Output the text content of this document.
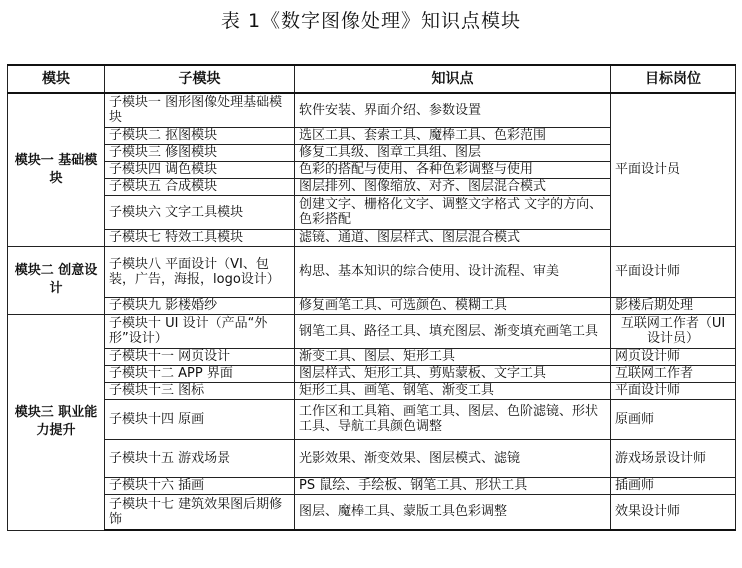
表 1《数字图像处理》知识点模块
模块	子模块	知识点	目标岗位
模块一 基础模块	子模块一 图形图像处理基础模块	软件安装、界面介绍、参数设置	平面设计员
	子模块二 抠图模块	选区工具、套索工具、魔棒工具、色彩范围	
	子模块三 修图模块	修复工具级、图章工具组、图层	
	子模块四 调色模块	色彩的搭配与使用、各种色彩调整与使用	
	子模块五 合成模块	图层排列、图像缩放、对齐、图层混合模式	
	子模块六 文字工具模块	创建文字、栅格化文字、调整文字格式 文字的方向、色彩搭配	
	子模块七 特效工具模块	滤镜、通道、图层样式、图层混合模式	
模块二 创意设计	子模块八 平面设计（VI、包装，广告，海报，logo设计）	构思、基本知识的综合使用、设计流程、审美	平面设计师
	子模块九 影楼婚纱	修复画笔工具、可选颜色、模糊工具	影楼后期处理
模块三 职业能力提升	子模块十 UI 设计（产品“外形”设计）	钢笔工具、路径工具、填充图层、渐变填充画笔工具	互联网工作者（UI 设计员）
	子模块十一 网页设计	渐变工具、图层、矩形工具	网页设计师
	子模块十二 APP 界面	图层样式、矩形工具、剪贴蒙板、文字工具	互联网工作者
	子模块十三 图标	矩形工具、画笔、钢笔、渐变工具	平面设计师
	子模块十四 原画	工作区和工具箱、画笔工具、图层、色阶滤镜、形状工具、导航工具颜色调整	原画师
	子模块十五 游戏场景	光影效果、渐变效果、图层模式、滤镜	游戏场景设计师
	子模块十六 插画	PS 鼠绘、手绘板、钢笔工具、形状工具	插画师
	子模块十七 建筑效果图后期修饰	图层、魔棒工具、蒙版工具色彩调整	效果设计师
